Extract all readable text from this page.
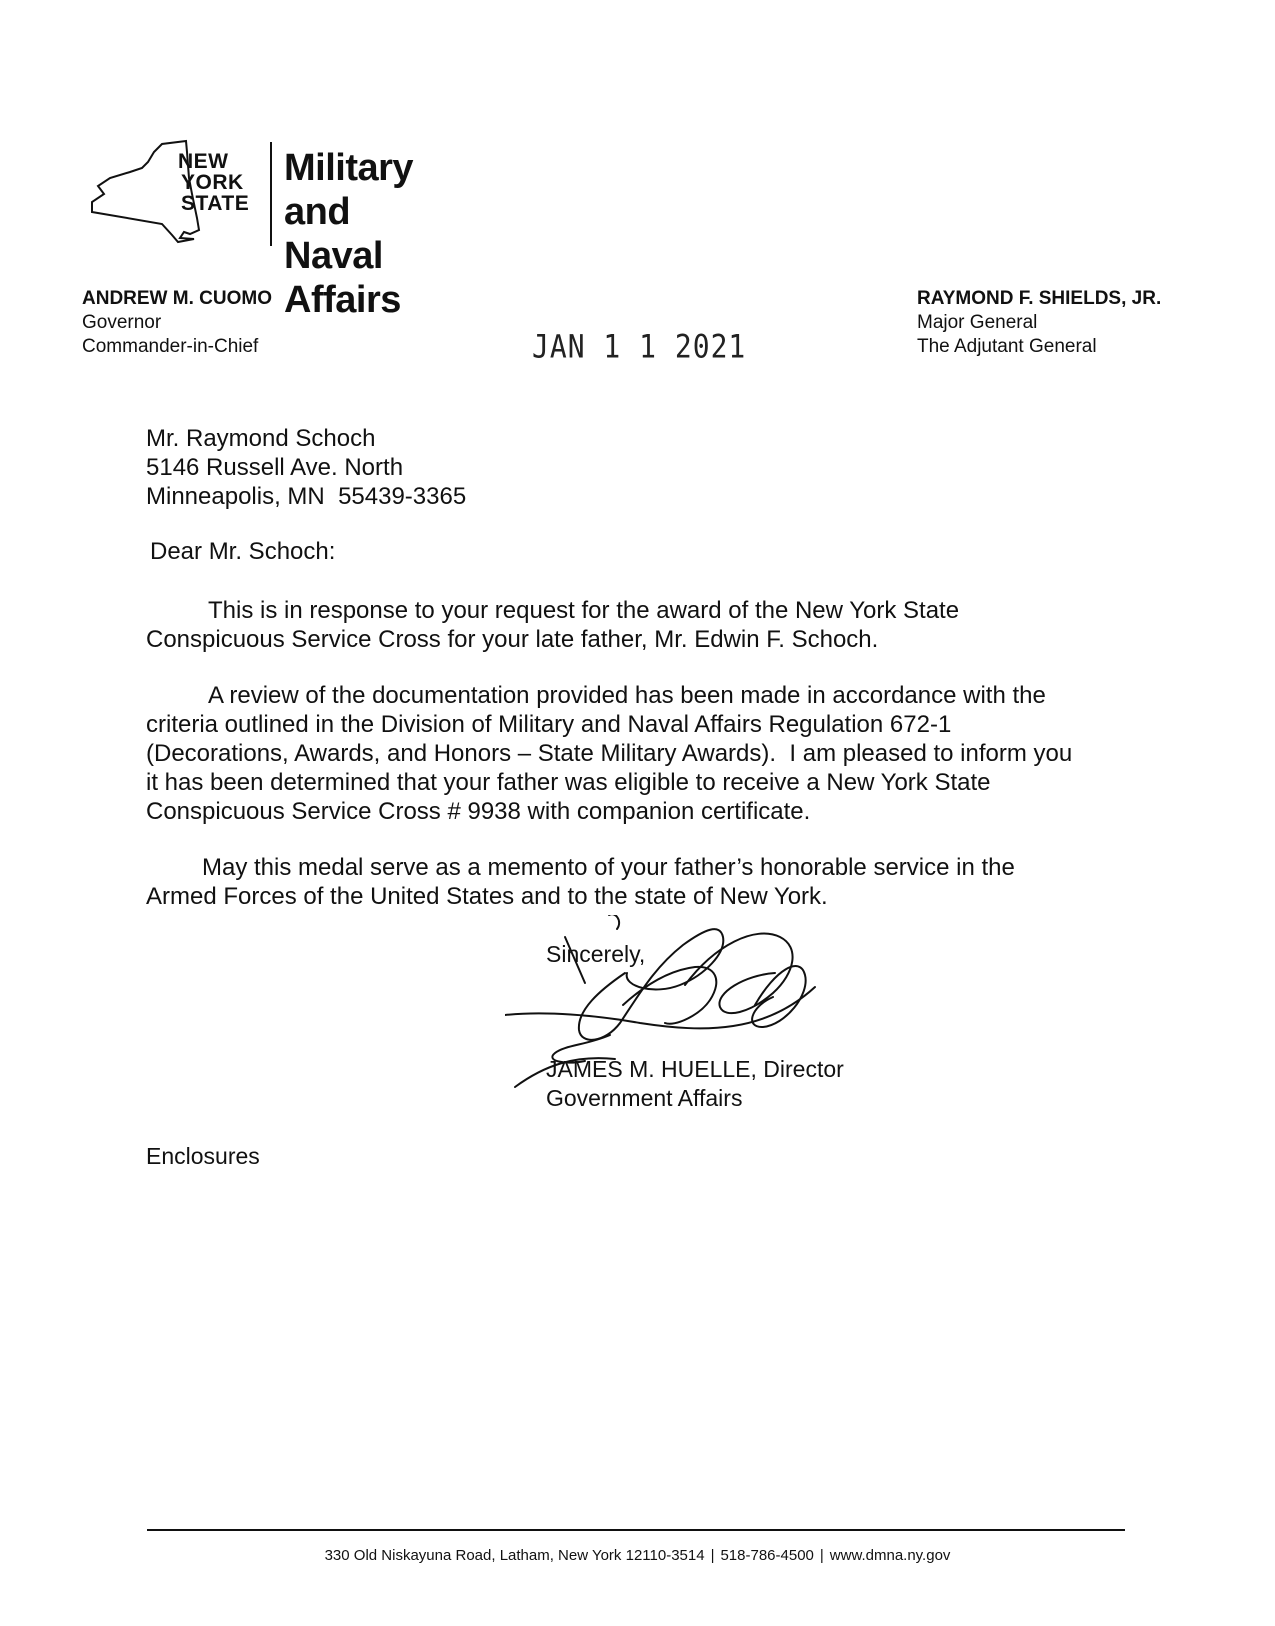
NEW
YORK
STATE
Military and
Naval Affairs
ANDREW M. CUOMO
Governor
Commander-in-Chief	JAN 1 1 2021
RAYMOND F. SHIELDS, JR.
Major General
The Adjutant General
Mr. Raymond Schoch
5146 Russell Ave. North
Minneapolis, MN  55439-3365
Dear Mr. Schoch:
This is in response to your request for the award of the New York State
Conspicuous Service Cross for your late father, Mr. Edwin F. Schoch.
A review of the documentation provided has been made in accordance with the
criteria outlined in the Division of Military and Naval Affairs Regulation 672-1
(Decorations, Awards, and Honors – State Military Awards).  I am pleased to inform you
it has been determined that your father was eligible to receive a New York State
Conspicuous Service Cross # 9938 with companion certificate.
May this medal serve as a memento of your father’s honorable service in the
Armed Forces of the United States and to the state of New York.
Sincerely,
JAMES M. HUELLE, Director
Government Affairs
Enclosures
330 Old Niskayuna Road, Latham, New York 12110-3514 | 518-786-4500 | www.dmna.ny.gov
